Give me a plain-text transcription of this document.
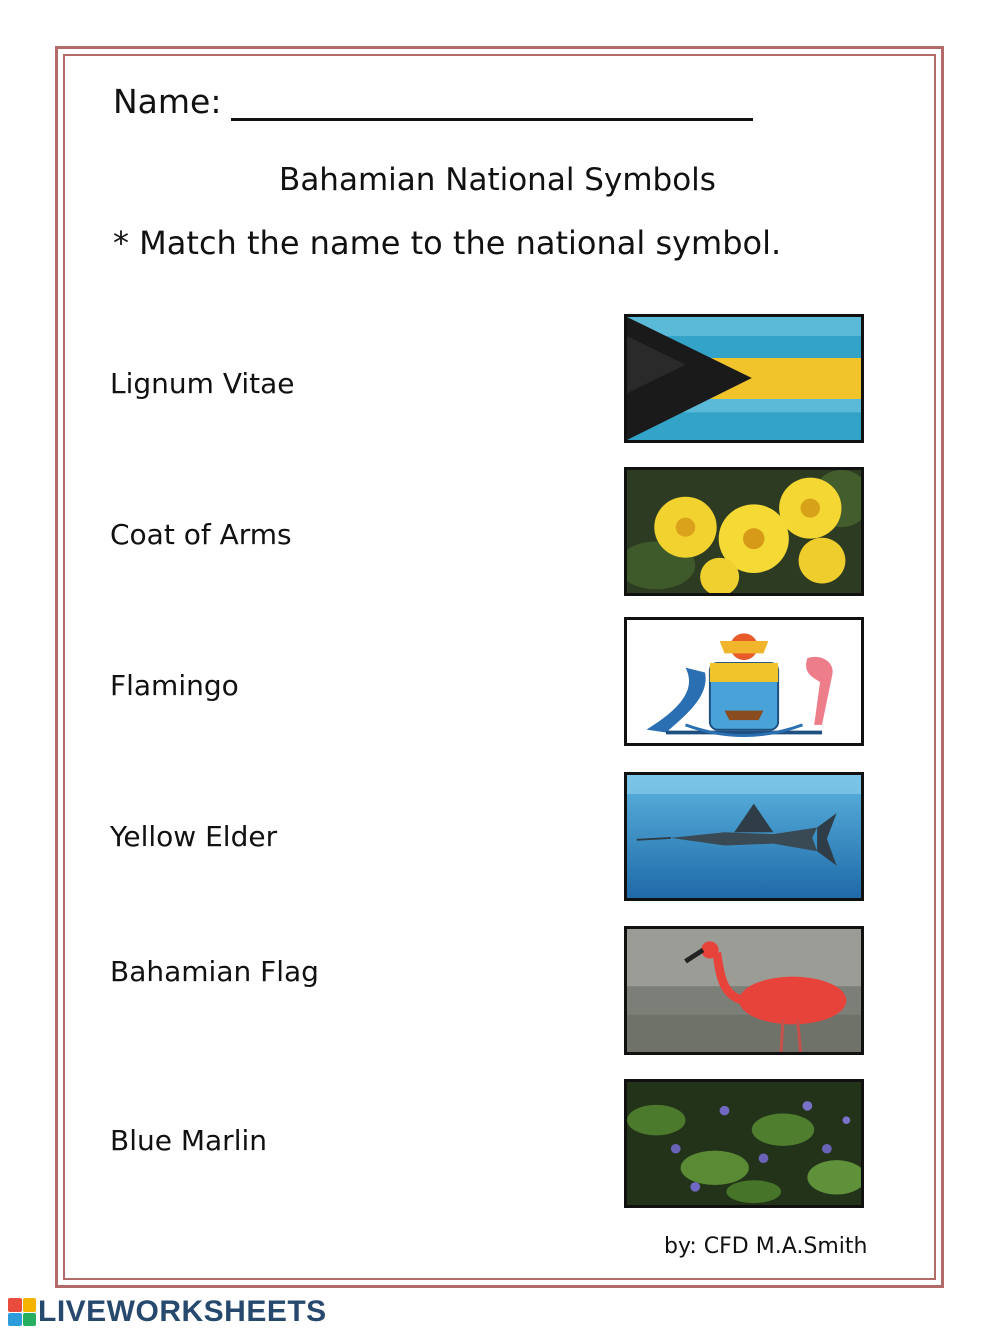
Name:
Bahamian National Symbols
* Match the name to the national symbol.
Lignum Vitae
Coat of Arms
Flamingo
Yellow Elder
Bahamian Flag
Blue Marlin
by: CFD M.A.Smith
LIVEWORKSHEETS
